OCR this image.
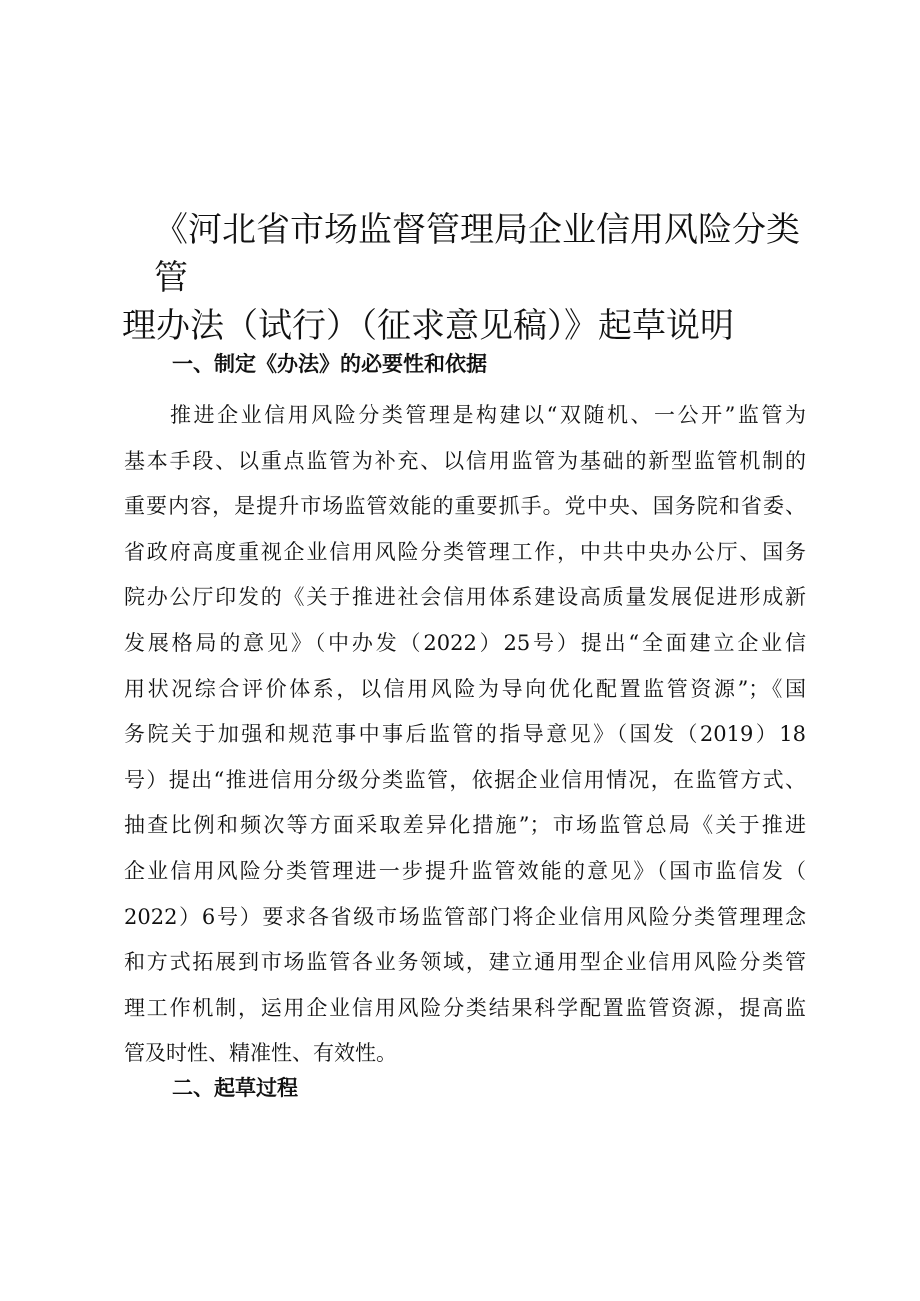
《河北省市场监督管理局企业信用风险分类管
理办法（试行）（征求意见稿）》起草说明
一、制定《办法》的必要性和依据
推进企业信用风险分类管理是构建以“双随机、一公开”监管为
基本手段、以重点监管为补充、以信用监管为基础的新型监管机制的
重要内容，是提升市场监管效能的重要抓手。党中央、国务院和省委、
省政府高度重视企业信用风险分类管理工作，中共中央办公厅、国务
院办公厅印发的《关于推进社会信用体系建设高质量发展促进形成新
发展格局的意见》（中办发（2022）25号）提出“全面建立企业信
用状况综合评价体系，以信用风险为导向优化配置监管资源”；《国
务院关于加强和规范事中事后监管的指导意见》（国发（2019）18
号）提出“推进信用分级分类监管，依据企业信用情况，在监管方式、
抽查比例和频次等方面采取差异化措施”；市场监管总局《关于推进
企业信用风险分类管理进一步提升监管效能的意见》（国市监信发（
2022）6号）要求各省级市场监管部门将企业信用风险分类管理理念
和方式拓展到市场监管各业务领域，建立通用型企业信用风险分类管
理工作机制，运用企业信用风险分类结果科学配置监管资源，提高监
管及时性、精准性、有效性。
二、起草过程
